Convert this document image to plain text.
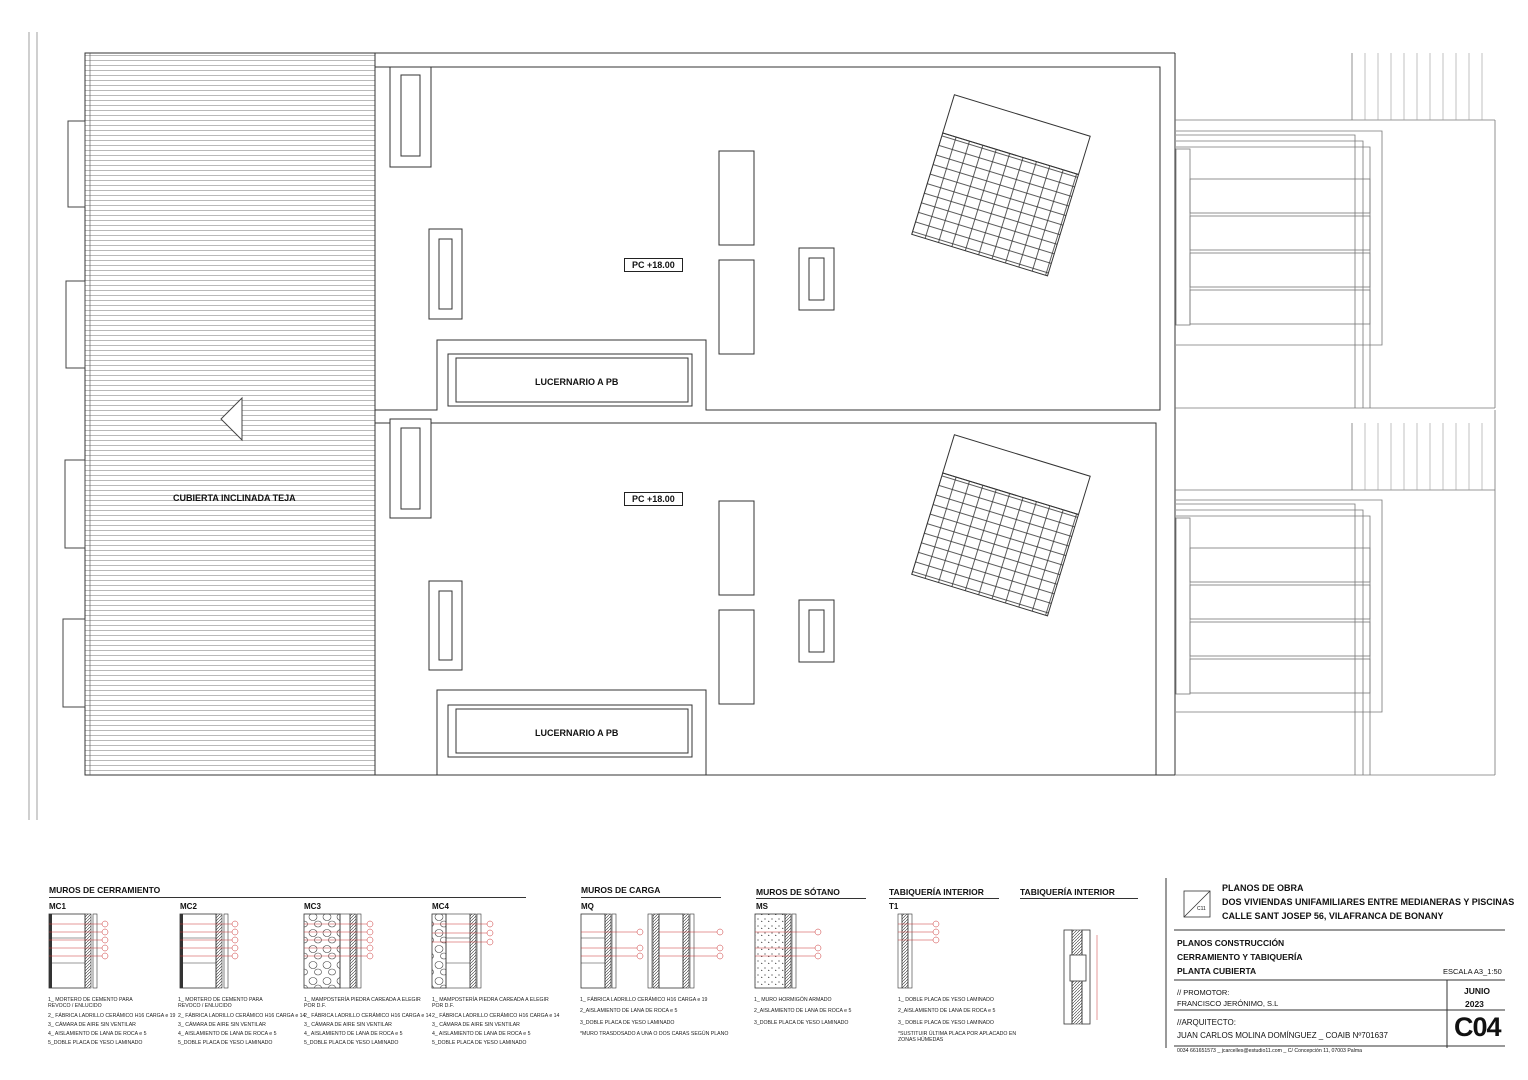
CUBIERTA INCLINADA TEJA
PC +18.00
PC +18.00
LUCERNARIO A PB
LUCERNARIO A PB
MUROS DE CERRAMIENTO	MUROS DE CARGA	MUROS DE SÓTANO	TABIQUERÍA INTERIOR	TABIQUERÍA INTERIOR
MC1	MC2	MC3	MC4	MQ	MS	T1
1_ MORTERO DE CEMENTO PARA
REVOCO / ENLUCIDO
2_ FÁBRICA LADRILLO CERÁMICO H16 CARGA e 19
3_ CÁMARA DE AIRE SIN VENTILAR
4_ AISLAMIENTO DE LANA DE ROCA e 5
5_DOBLE PLACA DE YESO LAMINADO
1_ MORTERO DE CEMENTO PARA
REVOCO / ENLUCIDO
2_ FÁBRICA LADRILLO CERÁMICO H16 CARGA e 14
3_ CÁMARA DE AIRE SIN VENTILAR
4_ AISLAMIENTO DE LANA DE ROCA e 5
5_DOBLE PLACA DE YESO LAMINADO
1_ MAMPOSTERÍA PIEDRA CAREADA A ELEGIR
POR D.F.
2_ FÁBRICA LADRILLO CERÁMICO H16 CARGA e 14
3_ CÁMARA DE AIRE SIN VENTILAR
4_ AISLAMIENTO DE LANA DE ROCA e 5
5_DOBLE PLACA DE YESO LAMINADO
1_ MAMPOSTERÍA PIEDRA CAREADA A ELEGIR
POR D.F.
2_ FÁBRICA LADRILLO CERÁMICO H16 CARGA e 14
3_ CÁMARA DE AIRE SIN VENTILAR
4_ AISLAMIENTO DE LANA DE ROCA e 5
5_DOBLE PLACA DE YESO LAMINADO
1_ FÁBRICA LADRILLO CERÁMICO H16 CARGA e 19
2_AISLAMIENTO DE LANA DE ROCA e 5
3_DOBLE PLACA DE YESO LAMINADO
*MURO TRASDOSADO A UNA O DOS CARAS SEGÚN PLANO
1_ MURO HORMIGÓN ARMADO
2_AISLAMIENTO DE LANA DE ROCA e 5
3_DOBLE PLACA DE YESO LAMINADO
1_ DOBLE PLACA DE YESO LAMINADO
2_AISLAMIENTO DE LANA DE ROCA e 5
3_ DOBLE PLACA DE YESO LAMINADO
*SUSTITUIR ÚLTIMA PLACA POR APLACADO EN
ZONAS HÚMEDAS
C11
PLANOS DE OBRA
DOS VIVIENDAS UNIFAMILIARES ENTRE MEDIANERAS Y PISCINAS
CALLE SANT JOSEP 56, VILAFRANCA DE BONANY
PLANOS CONSTRUCCIÓN
CERRAMIENTO Y TABIQUERÍA
PLANTA CUBIERTA	ESCALA A3_1:50
// PROMOTOR:
FRANCISCO JERÓNIMO, S.L
//ARQUITECTO:
JUAN CARLOS MOLINA DOMÍNGUEZ _ COAIB Nº701637
0034 661651573 _ jcarcelles@estudio11.com _ C/ Concepción 11, 07003 Palma
JUNIO
2023
C04
